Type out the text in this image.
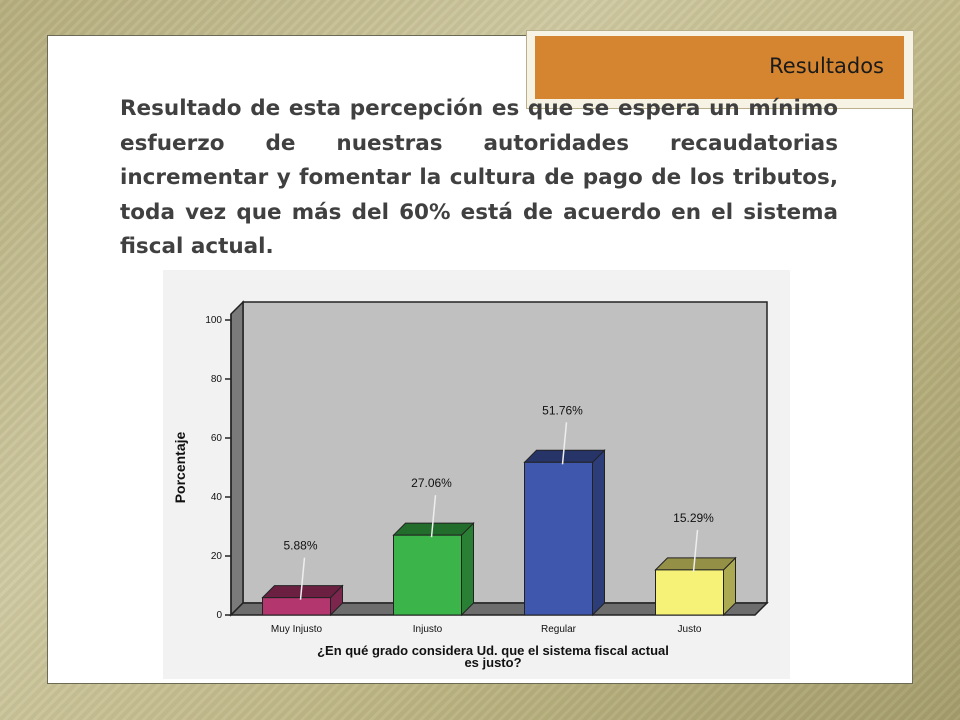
Resultados

Resultado de esta percepción es que se espera un mínimo esfuerzo de nuestras autoridades recaudatorias incrementar y fomentar la cultura de pago de los tributos, toda vez que más del 60% está de acuerdo en el sistema fiscal actual.

0
20
40
60
80
100
Porcentaje
5.88%
Muy Injusto
27.06%
Injusto
51.76%
Regular
15.29%
Justo
¿En qué grado considera Ud. que el sistema fiscal actual
es justo?
